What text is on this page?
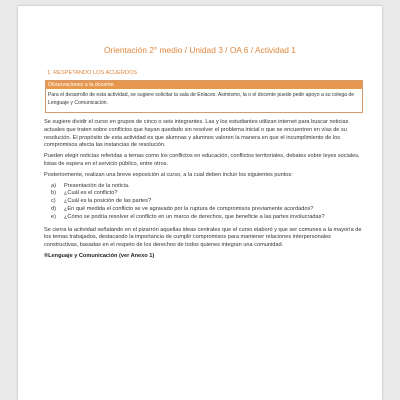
Orientación 2° medio / Unidad 3 / OA 6 / Actividad 1
1. RESPETANDO LOS ACUERDOS
Observaciones a la docente
Para el desarrollo de esta actividad, se sugiere solicitar la sala de Enlaces. Asimismo, la o el docente puede pedir apoyo a su colega de Lenguaje y Comunicación.

Se sugiere dividir el curso en grupos de cinco o seis integrantes. Las y los estudiantes utilizan internet para buscar noticias actuales que traten sobre conflictos que hayan quedado sin resolver el problema inicial o que se encuentren en vías de su resolución. El propósito de esta actividad es que alumnas y alumnos valoren la manera en que el incumplimiento de los compromisos afecta las instancias de resolución.

Pueden elegir noticias referidas a temas como los conflictos en educación, conflictos territoriales, debates sobre leyes sociales, listas de espera en el servicio público, entre otros.

Posteriormente, realizan una breve exposición al curso, a la cual deben incluir los siguientes puntos:

a) Presentación de la noticia.
b) ¿Cuál es el conflicto?
c) ¿Cuál es la posición de las partes?
d) ¿En qué medida el conflicto se ve agravado por la ruptura de compromisos previamente acordados?
e) ¿Cómo se podría resolver el conflicto en un marco de derechos, que beneficie a las partes involucradas?

Se cierra la actividad señalando en el pizarrón aquellas ideas centrales que el curso elaboró y que ser comunes a la mayoría de los temas trabajados, destacando la importancia de cumplir compromisos para mantener relaciones interpersonales constructivas, basadas en el respeto de los derechos de todos quienes integran una comunidad.

®Lenguaje y Comunicación (ver Anexo 1)
